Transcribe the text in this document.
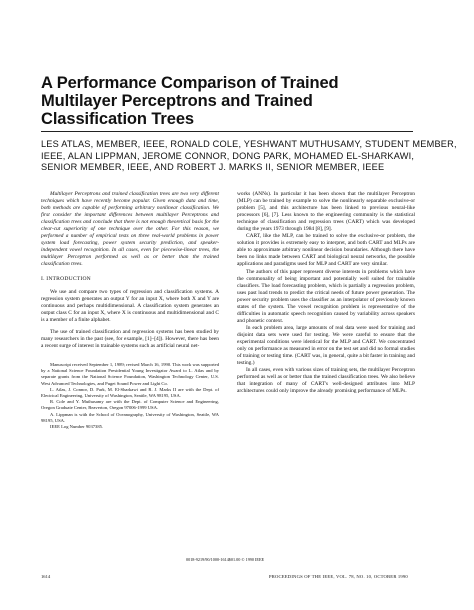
A Performance Comparison of Trained
Multilayer Perceptrons and Trained
Classification Trees
LES ATLAS, MEMBER, IEEE, RONALD COLE, YESHWANT MUTHUSAMY, STUDENT MEMBER,
IEEE, ALAN LIPPMAN, JEROME CONNOR, DONG PARK, MOHAMED EL-SHARKAWI,
SENIOR MEMBER, IEEE, AND ROBERT J. MARKS II, SENIOR MEMBER, IEEE

Multilayer Perceptrons and trained classification trees are two very different techniques which have recently become popular. Given enough data and time, both methods are capable of performing arbitrary nonlinear classification. We first consider the important differences between multilayer Perceptrons and classification trees and conclude that there is not enough theoretical basis for the clear-cut superiority of one technique over the other. For this reason, we performed a number of empirical tests on three real-world problems in power system load forecasting, power system security prediction, and speaker-independent vowel recognition. In all cases, even for piecewise-linear trees, the multilayer Perceptron performed as well as or better than the trained classification trees.

I. INTRODUCTION

We use and compare two types of regression and classification systems. A regression system generates an output Y for an input X, where both X and Y are continuous and perhaps multidimensional. A classification system generates an output class C for an input X, where X is continuous and multidimensional and C is a member of a finite alphabet.

The use of trained classification and regression systems has been studied by many researchers in the past (see, for example, [1]–[4]). However, there has been a recent surge of interest in trainable systems such as artificial neural net-

Manuscript received September 1, 1989; revised March 16, 1990. This work was supported by a National Science Foundation Presidential Young Investigator Award to L. Atlas and by separate grants from the National Science Foundation, Washington Technology Center, U.S. West Advanced Technologies, and Puget Sound Power and Light Co.
L. Atlas, J. Connor, D. Park, M. El-Sharkawi and R. J. Marks II are with the Dept. of Electrical Engineering, University of Washington, Seattle, WA 98195, USA.
R. Cole and Y. Muthusamy are with the Dept. of Computer Science and Engineering, Oregon Graduate Center, Beaverton, Oregon 97006-1999 USA.
A. Lippman is with the School of Oceanography, University of Washington, Seattle, WA 98195, USA.
IEEE Log Number 9037385.

works (ANNs). In particular it has been shown that the multilayer Perceptron (MLP) can be trained by example to solve the nonlinearly separable exclusive-or problem [5], and this architecture has been linked to previous neural-like processors [6], [7]. Less known to the engineering community is the statistical technique of classification and regression trees (CART) which was developed during the years 1973 through 1984 [8], [9].

CART, like the MLP, can be trained to solve the exclusive-or problem, the solution it provides is extremely easy to interpret, and both CART and MLPs are able to approximate arbitrary nonlinear decision boundaries. Although there have been no links made between CART and biological neural networks, the possible applications and paradigms used for MLP and CART are very similar.

The authors of this paper represent diverse interests in problems which have the commonality of being important and potentially well suited for trainable classifiers. The load forecasting problem, which is partially a regression problem, uses past load trends to predict the critical needs of future power generation. The power security problem uses the classifier as an interpolator of previously known states of the system. The vowel recognition problem is representative of the difficulties in automatic speech recognition caused by variability across speakers and phonetic context.

In each problem area, large amounts of real data were used for training and disjoint data sets were used for testing. We were careful to ensure that the experimental conditions were identical for the MLP and CART. We concentrated only on performance as measured in error on the test set and did no formal studies of training or testing time. (CART was, in general, quite a bit faster in training and testing.)

In all cases, even with various sizes of training sets, the multilayer Perceptron performed as well as or better than the trained classification trees. We also believe that integration of many of CART's well-designed attributes into MLP architectures could only improve the already promising performance of MLPs.

0018-9219/90/1000-1614$01.00 © 1990 IEEE
1614	PROCEEDINGS OF THE IEEE, VOL. 78, NO. 10, OCTOBER 1990
